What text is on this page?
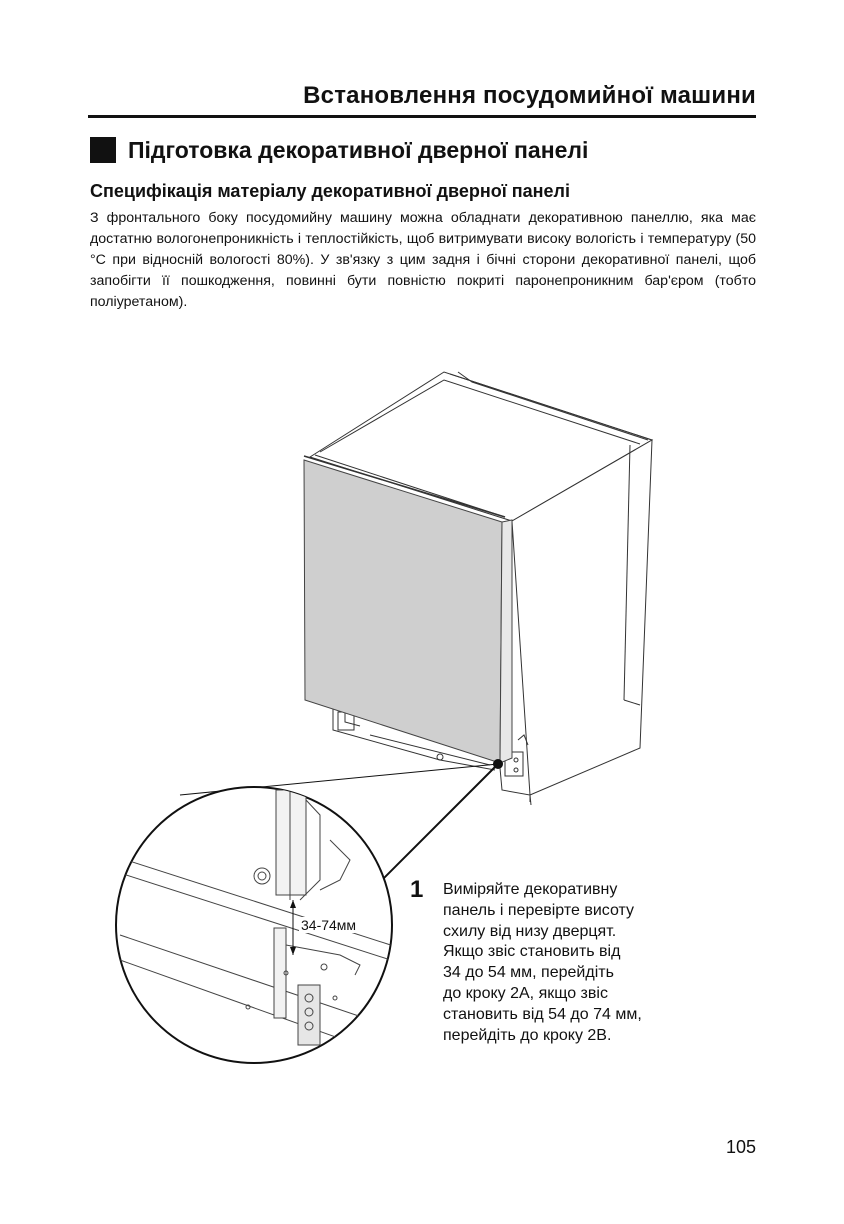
Встановлення посудомийної машини
Підготовка декоративної дверної панелі
Специфікація матеріалу декоративної дверної панелі
З фронтального боку посудомийну машину можна обладнати декоративною панеллю, яка має достатню вологонепроникність і теплостійкість, щоб витримувати високу вологість і температуру (50 °C при відносній вологості 80%). У зв'язку з цим задня і бічні сторони декоративної панелі, щоб запобігти її пошкодження, повинні бути повністю покриті паронепроникним бар'єром (тобто поліуретаном).
34-74мм
1 Виміряйте декоративну
панель і перевірте висоту
схилу від низу дверцят.
Якщо звіс становить від
34 до 54 мм, перейдіть
до кроку 2A, якщо звіс
становить від 54 до 74 мм,
перейдіть до кроку 2B.
105
